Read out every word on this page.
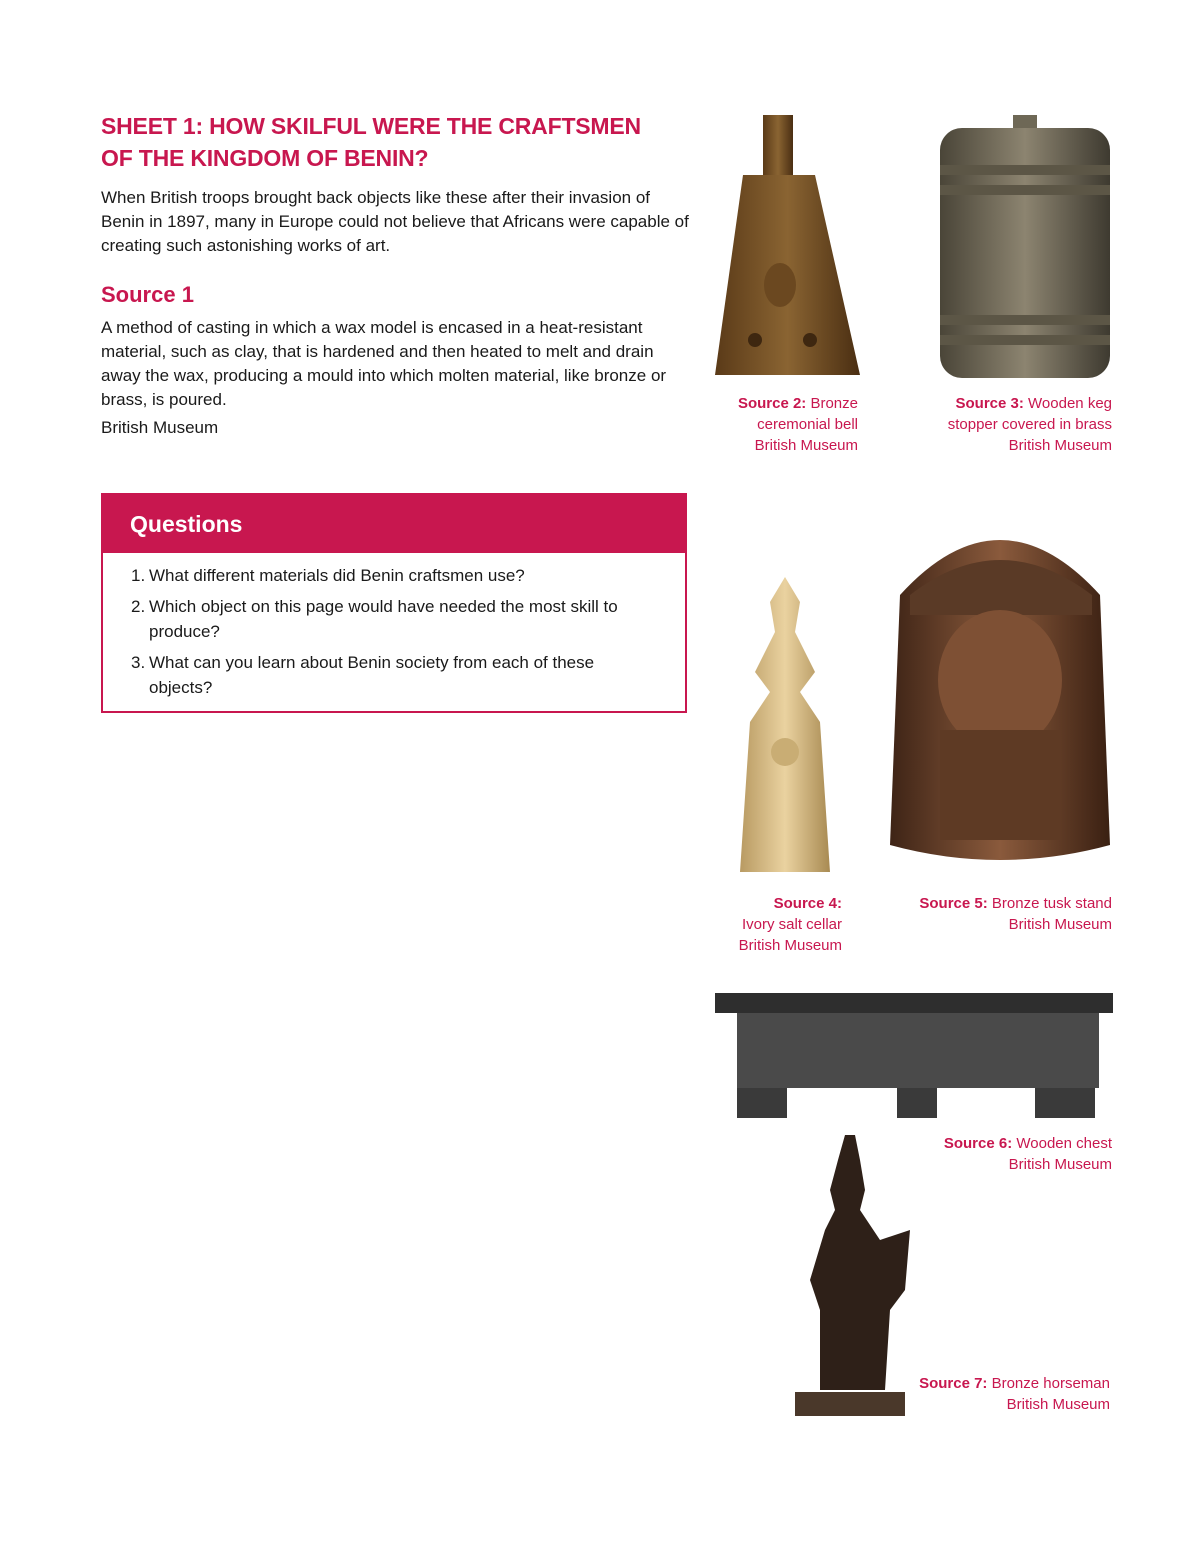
SHEET 1: HOW SKILFUL WERE THE CRAFTSMEN
OF THE KINGDOM OF BENIN?
When British troops brought back objects like these after their invasion of Benin in 1897, many in Europe could not believe that Africans were capable of creating such astonishing works of art.
Source 1
A method of casting in which a wax model is encased in a heat-resistant material, such as clay, that is hardened and then heated to melt and drain away the wax, producing a mould into which molten material, like bronze or brass, is poured.
British Museum
Questions
1. What different materials did Benin craftsmen use?
2. Which object on this page would have needed the most skill to produce?
3. What can you learn about Benin society from each of these objects?
Source 2: Bronze
ceremonial bell
British Museum
Source 3: Wooden keg
stopper covered in brass
British Museum
Source 4:
Ivory salt cellar
British Museum
Source 5: Bronze tusk stand
British Museum
Source 6: Wooden chest
British Museum
Source 7: Bronze horseman
British Museum
